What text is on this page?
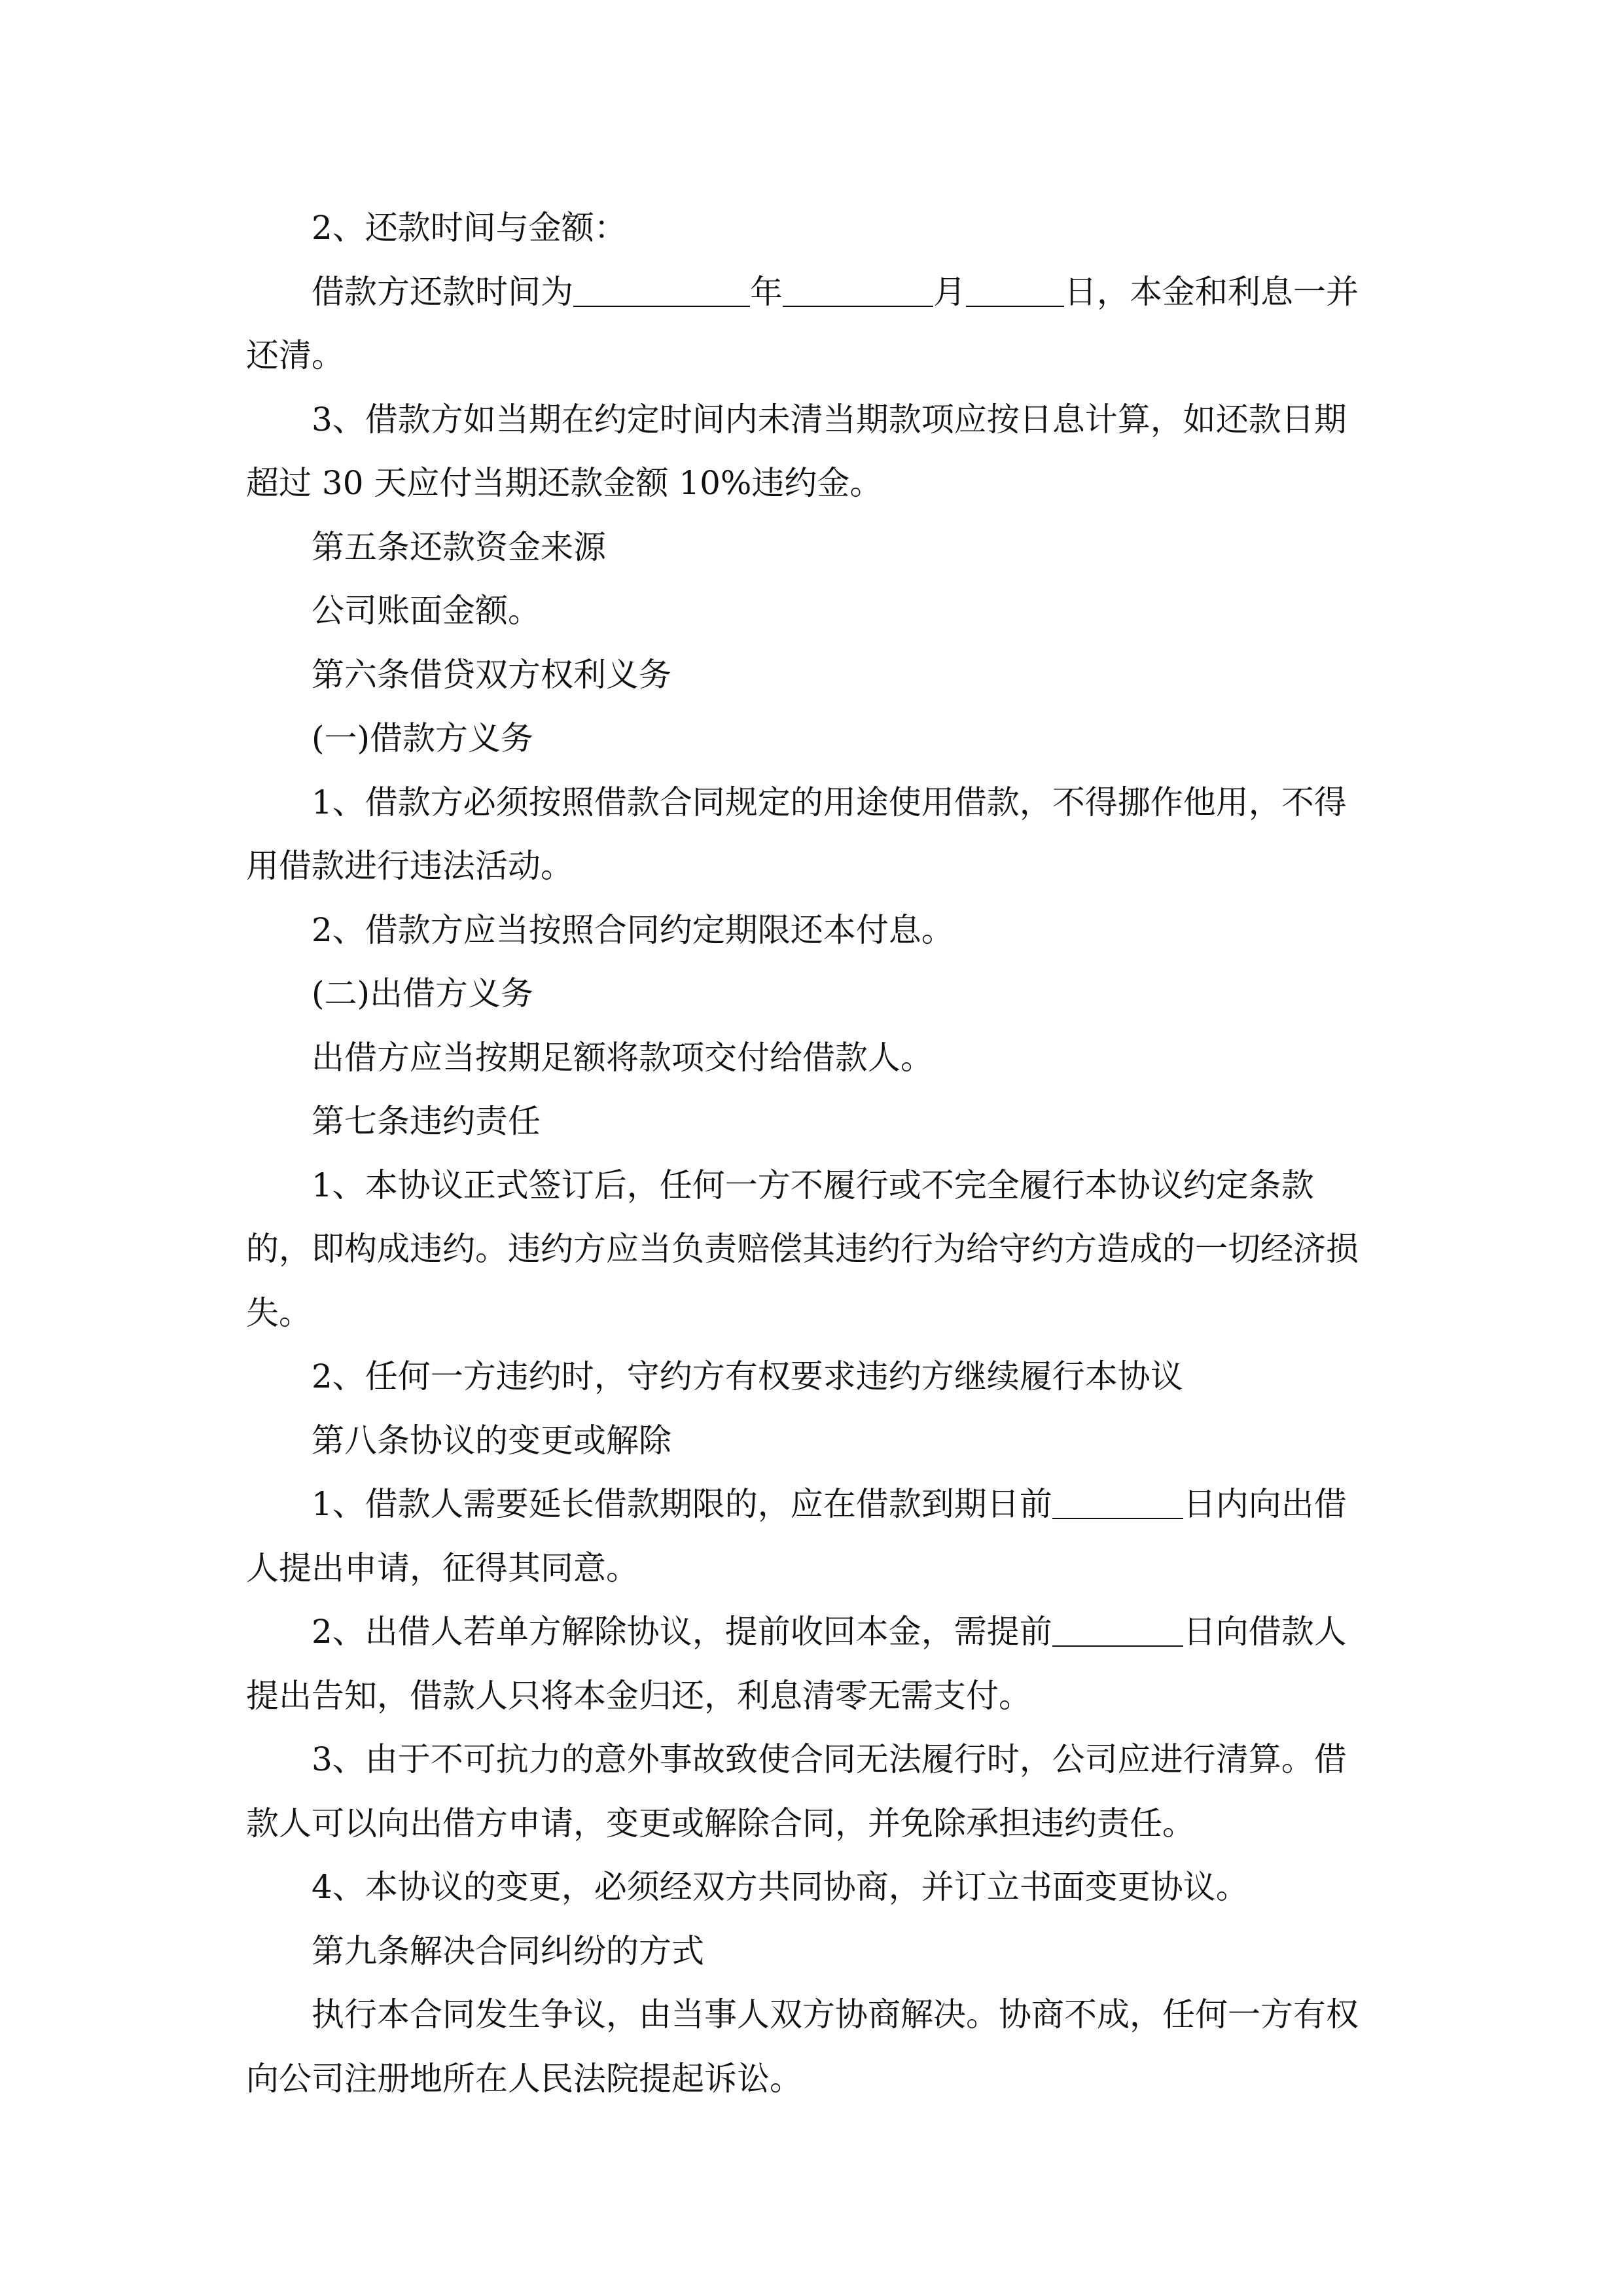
2、还款时间与金额：

借款方还款时间为	年	月	日，本金和利息一并还清。

3、借款方如当期在约定时间内未清当期款项应按日息计算，如还款日期超过 30 天应付当期还款金额 10%违约金。

第五条还款资金来源

公司账面金额。

第六条借贷双方权利义务

(一)借款方义务

1、借款方必须按照借款合同规定的用途使用借款，不得挪作他用，不得用借款进行违法活动。

2、借款方应当按照合同约定期限还本付息。

(二)出借方义务

出借方应当按期足额将款项交付给借款人。

第七条违约责任

1、本协议正式签订后，任何一方不履行或不完全履行本协议约定条款的，即构成违约。违约方应当负责赔偿其违约行为给守约方造成的一切经济损失。

2、任何一方违约时，守约方有权要求违约方继续履行本协议

第八条协议的变更或解除

1、借款人需要延长借款期限的，应在借款到期日前	日内向出借人提出申请，征得其同意。

2、出借人若单方解除协议，提前收回本金，需提前	日向借款人提出告知，借款人只将本金归还，利息清零无需支付。

3、由于不可抗力的意外事故致使合同无法履行时，公司应进行清算。借款人可以向出借方申请，变更或解除合同，并免除承担违约责任。

4、本协议的变更，必须经双方共同协商，并订立书面变更协议。

第九条解决合同纠纷的方式

执行本合同发生争议，由当事人双方协商解决。协商不成，任何一方有权向公司注册地所在人民法院提起诉讼。
